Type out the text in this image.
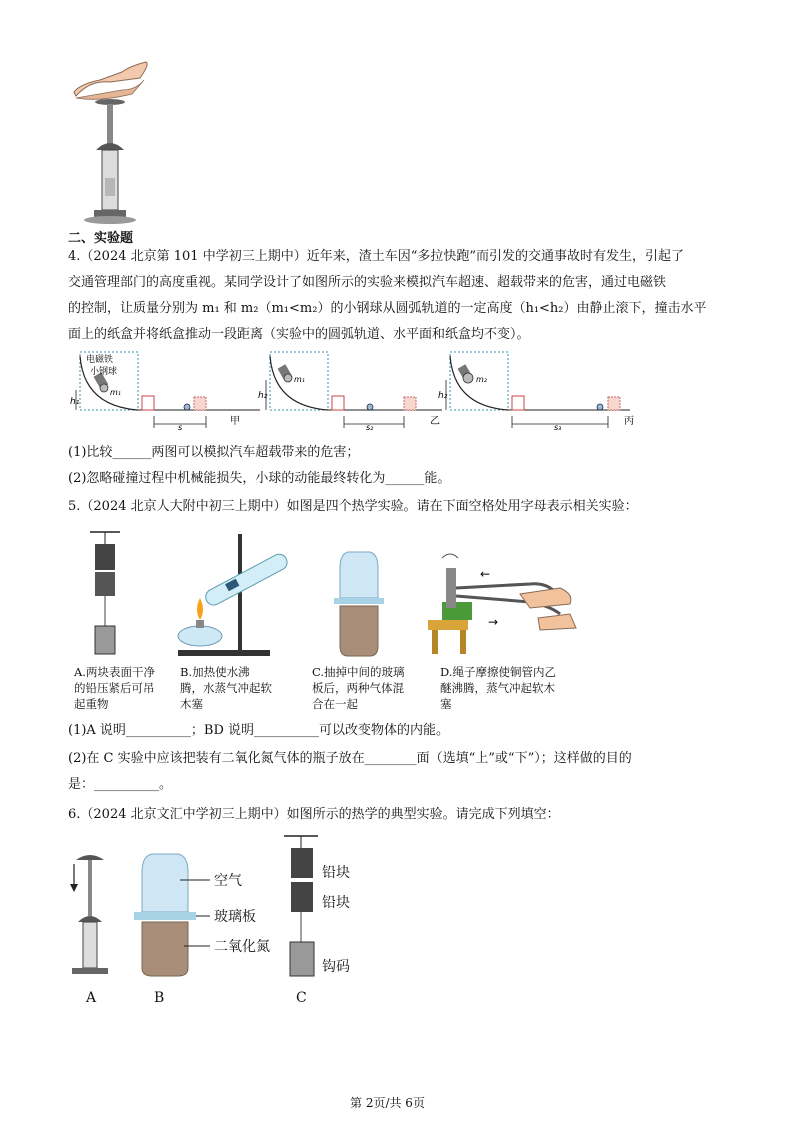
二、实验题
4.（2024 北京第 101 中学初三上期中）近年来，渣土车因“多拉快跑”而引发的交通事故时有发生，引起了
交通管理部门的高度重视。某同学设计了如图所示的实验来模拟汽车超速、超载带来的危害，通过电磁铁
的控制，让质量分别为 m₁ 和 m₂（m₁<m₂）的小钢球从圆弧轨道的一定高度（h₁<h₂）由静止滚下，撞击水平
面上的纸盒并将纸盒推动一段距离（实验中的圆弧轨道、水平面和纸盒均不变）。
电磁铁
小钢球
m₁
h₁
s
甲
m₁
h₂
s₂
乙
m₂
h₂
s₃
丙
(1)比较______两图可以模拟汽车超载带来的危害；
(2)忽略碰撞过程中机械能损失，小球的动能最终转化为______能。
5.（2024 北京人大附中初三上期中）如图是四个热学实验。请在下面空格处用字母表示相关实验：
←
→
A.两块表面干净的铅压紧后可吊起重物
B.加热使水沸腾，水蒸气冲起软木塞
C.抽掉中间的玻璃板后，两种气体混合在一起
D.绳子摩擦使铜管内乙醚沸腾，蒸气冲起软木塞
(1)A 说明__________；BD 说明__________可以改变物体的内能。
(2)在 C 实验中应该把装有二氧化氮气体的瓶子放在________面（选填“上”或“下”）；这样做的目的
是：__________。
6.（2024 北京文汇中学初三上期中）如图所示的热学的典型实验。请完成下列填空：
空气
玻璃板
二氧化氮
铅块
铅块
钩码
A	B	C
第 2页/共 6页
